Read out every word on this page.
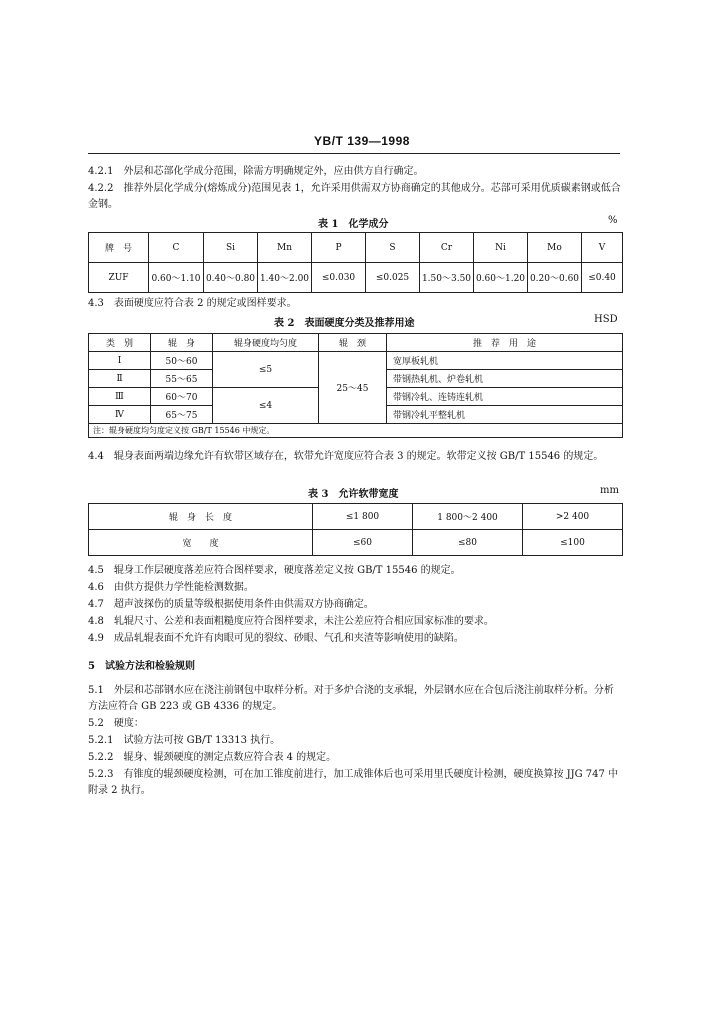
YB/T 139—1998
4.2.1　外层和芯部化学成分范围，除需方明确规定外，应由供方自行确定。
4.2.2　推荐外层化学成分(熔炼成分)范围见表 1，允许采用供需双方协商确定的其他成分。芯部可采用优质碳素钢或低合金钢。
表 1　化学成分	%
牌　号	C	Si	Mn	P	S	Cr	Ni	Mo	V
ZUF	0.60～1.10	0.40～0.80	1.40～2.00	≤0.030	≤0.025	1.50～3.50	0.60～1.20	0.20～0.60	≤0.40
4.3　表面硬度应符合表 2 的规定或图样要求。
表 2　表面硬度分类及推荐用途	HSD
类　别	辊　身	辊身硬度均匀度	辊　颈	推　荐　用　途
Ⅰ	50～60	≤5	25～45	宽厚板轧机
Ⅱ	55～65			带钢热轧机、炉卷轧机
Ⅲ	60～70	≤4		带钢冷轧、连铸连轧机
Ⅳ	65～75			带钢冷轧平整轧机
注：辊身硬度均匀度定义按 GB/T 15546 中规定。				
4.4　辊身表面两端边缘允许有软带区域存在，软带允许宽度应符合表 3 的规定。软带定义按 GB/T 15546 的规定。
表 3　允许软带宽度	mm
辊　身　长　度	≤1 800	1 800～2 400	>2 400
宽　　度	≤60	≤80	≤100
4.5　辊身工作层硬度落差应符合图样要求，硬度落差定义按 GB/T 15546 的规定。
4.6　由供方提供力学性能检测数据。
4.7　超声波探伤的质量等级根据使用条件由供需双方协商确定。
4.8　轧辊尺寸、公差和表面粗糙度应符合图样要求，未注公差应符合相应国家标准的要求。
4.9　成品轧辊表面不允许有肉眼可见的裂纹、砂眼、气孔和夹渣等影响使用的缺陷。
5　试验方法和检验规则
5.1　外层和芯部钢水应在浇注前钢包中取样分析。对于多炉合浇的支承辊，外层钢水应在合包后浇注前取样分析。分析方法应符合 GB 223 或 GB 4336 的规定。
5.2　硬度：
5.2.1　试验方法可按 GB/T 13313 执行。
5.2.2　辊身、辊颈硬度的测定点数应符合表 4 的规定。
5.2.3　有锥度的辊颈硬度检测，可在加工锥度前进行，加工成锥体后也可采用里氏硬度计检测，硬度换算按 JJG 747 中附录 2 执行。
